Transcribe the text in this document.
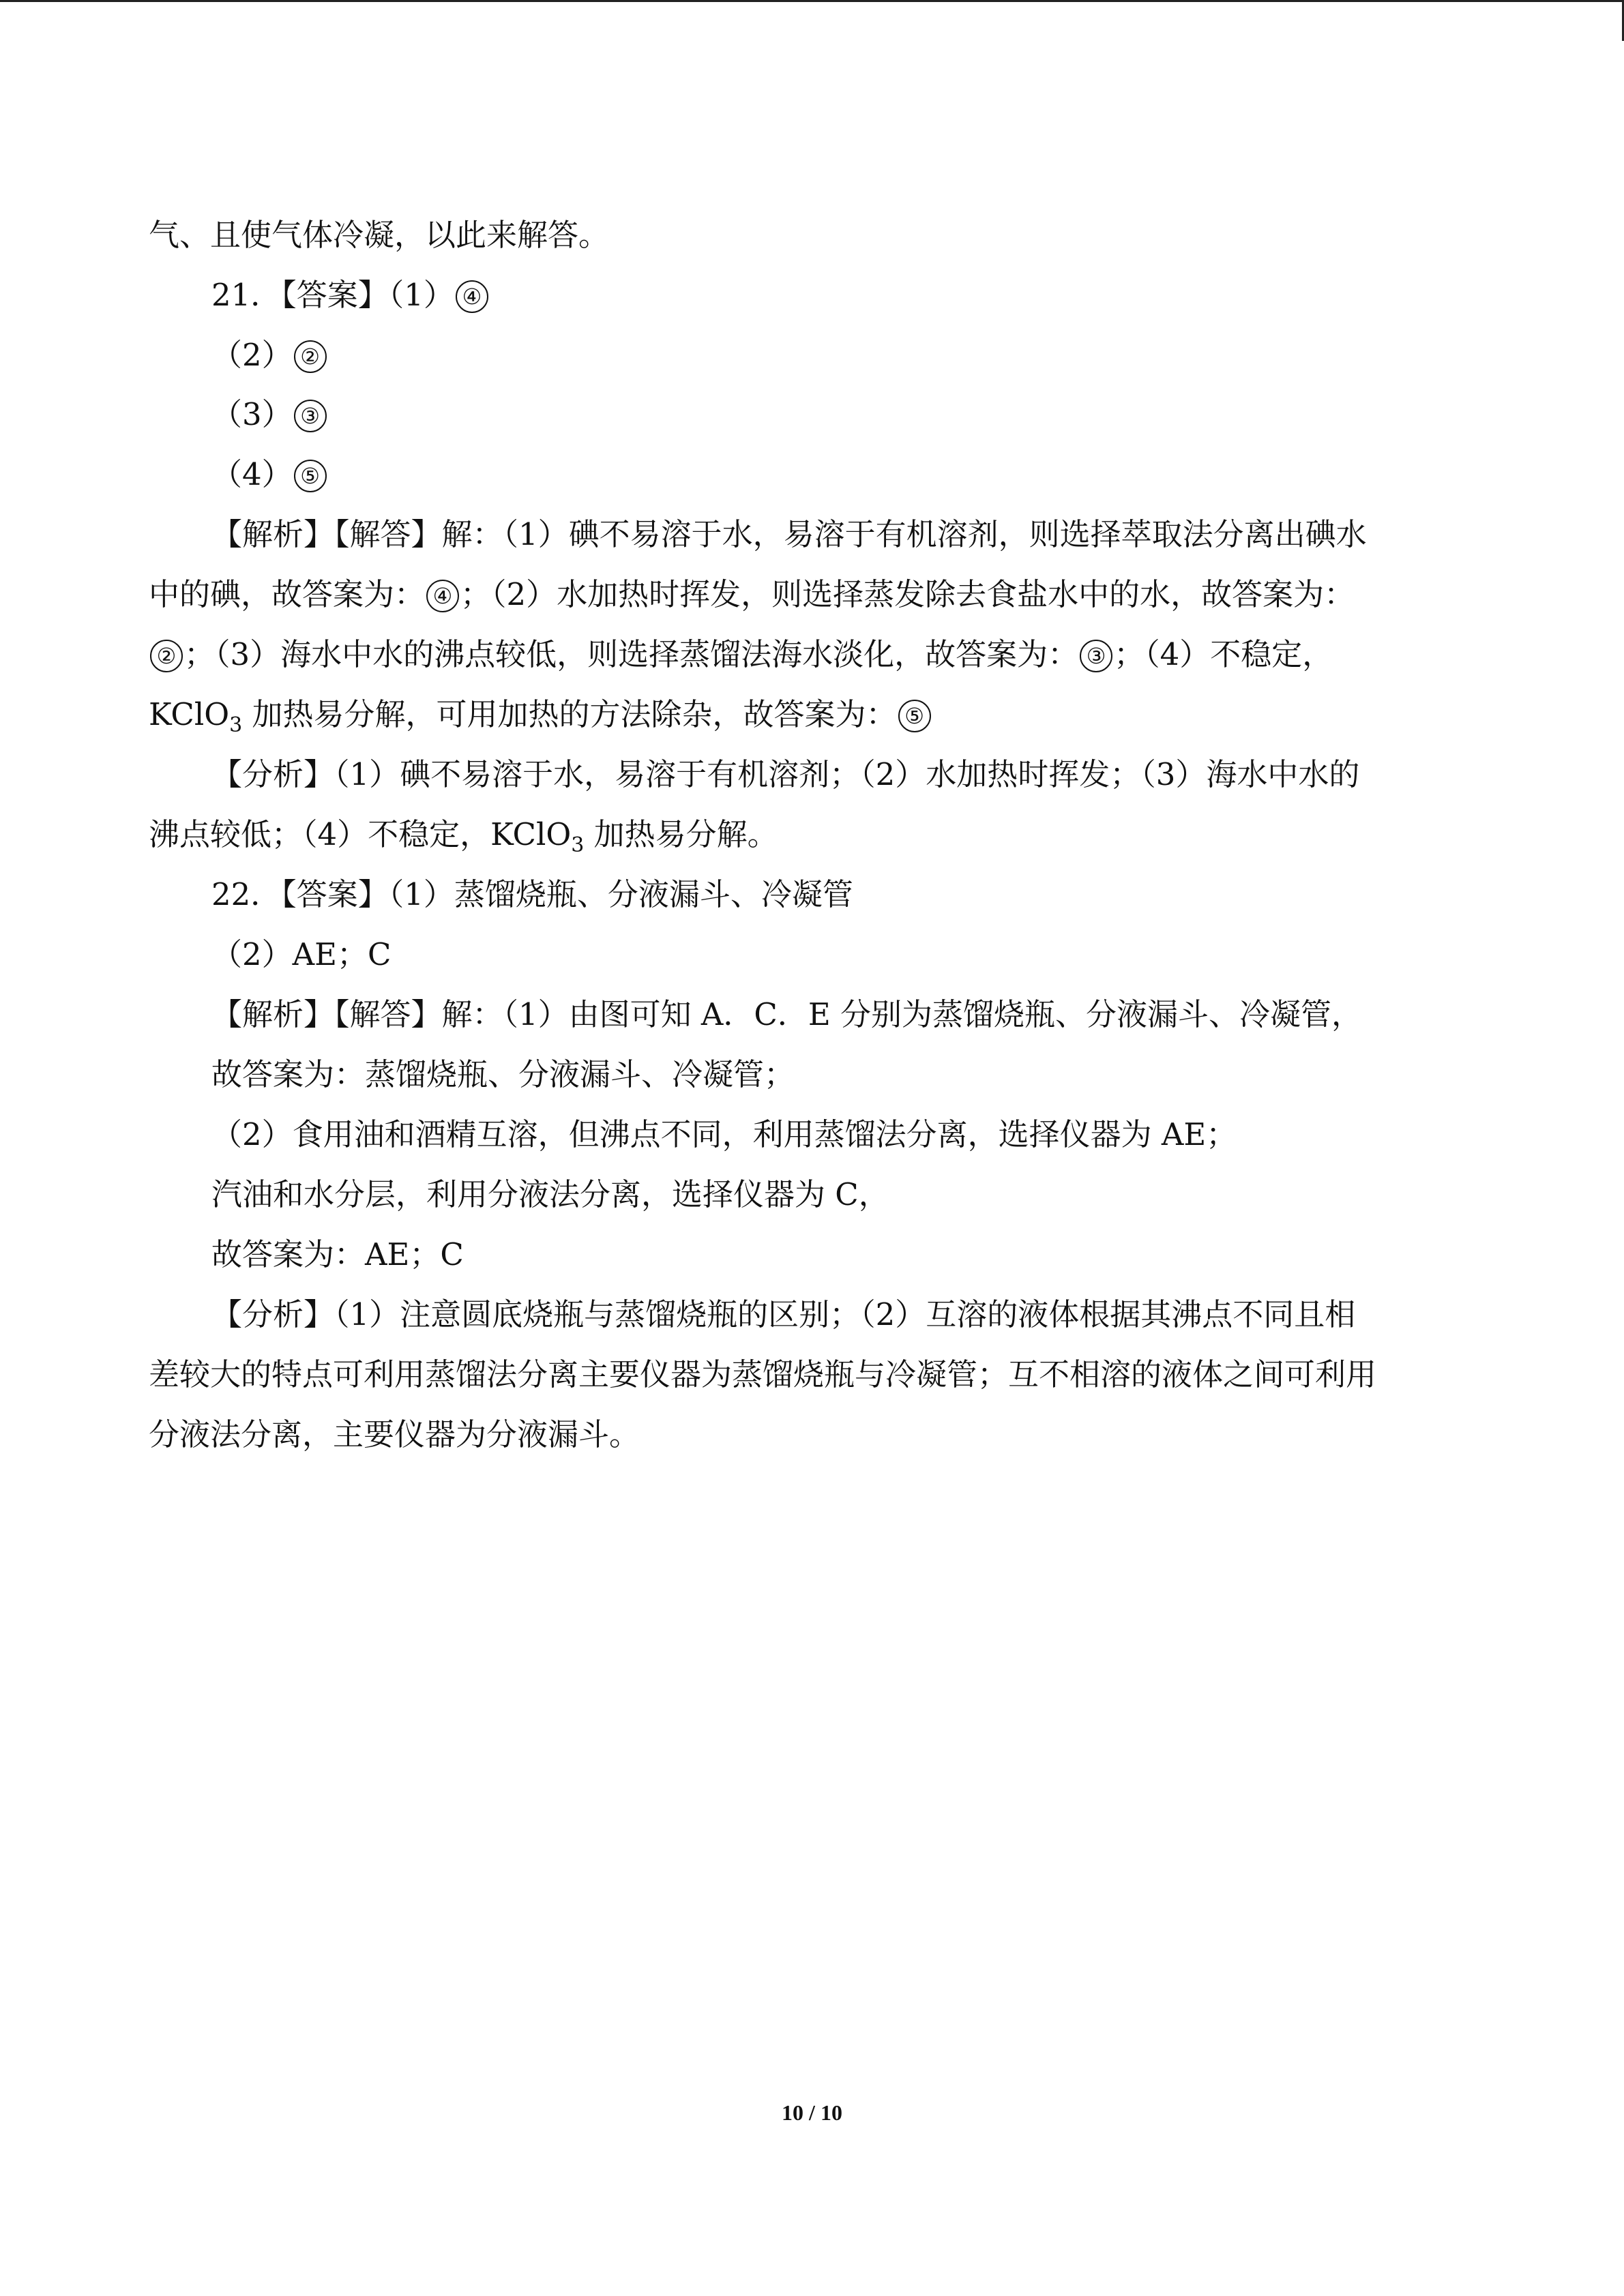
气、且使气体冷凝，以此来解答。
21．【答案】（1） ④
（2） ②
（3） ③
（4） ⑤
【解析】【解答】解：（1）碘不易溶于水，易溶于有机溶剂，则选择萃取法分离出碘水
中的碘，故答案为： ④ ；（2）水加热时挥发，则选择蒸发除去食盐水中的水，故答案为：
② ；（3）海水中水的沸点较低，则选择蒸馏法海水淡化，故答案为： ③ ；（4）不稳定，
KClO$_3$ 加热易分解，可用加热的方法除杂，故答案为： ⑤
【分析】（1）碘不易溶于水，易溶于有机溶剂；（2）水加热时挥发；（3）海水中水的
沸点较低；（4）不稳定，KClO$_3$ 加热易分解。
22．【答案】（1）蒸馏烧瓶、分液漏斗、冷凝管
（2）AE；C
【解析】【解答】解：（1）由图可知 A．C．E 分别为蒸馏烧瓶、分液漏斗、冷凝管，
故答案为：蒸馏烧瓶、分液漏斗、冷凝管；
（2）食用油和酒精互溶，但沸点不同，利用蒸馏法分离，选择仪器为 AE；
汽油和水分层，利用分液法分离，选择仪器为 C，
故答案为：AE；C
【分析】（1）注意圆底烧瓶与蒸馏烧瓶的区别；（2）互溶的液体根据其沸点不同且相
差较大的特点可利用蒸馏法分离主要仪器为蒸馏烧瓶与冷凝管；互不相溶的液体之间可利用
分液法分离，主要仪器为分液漏斗。
10 / 10
